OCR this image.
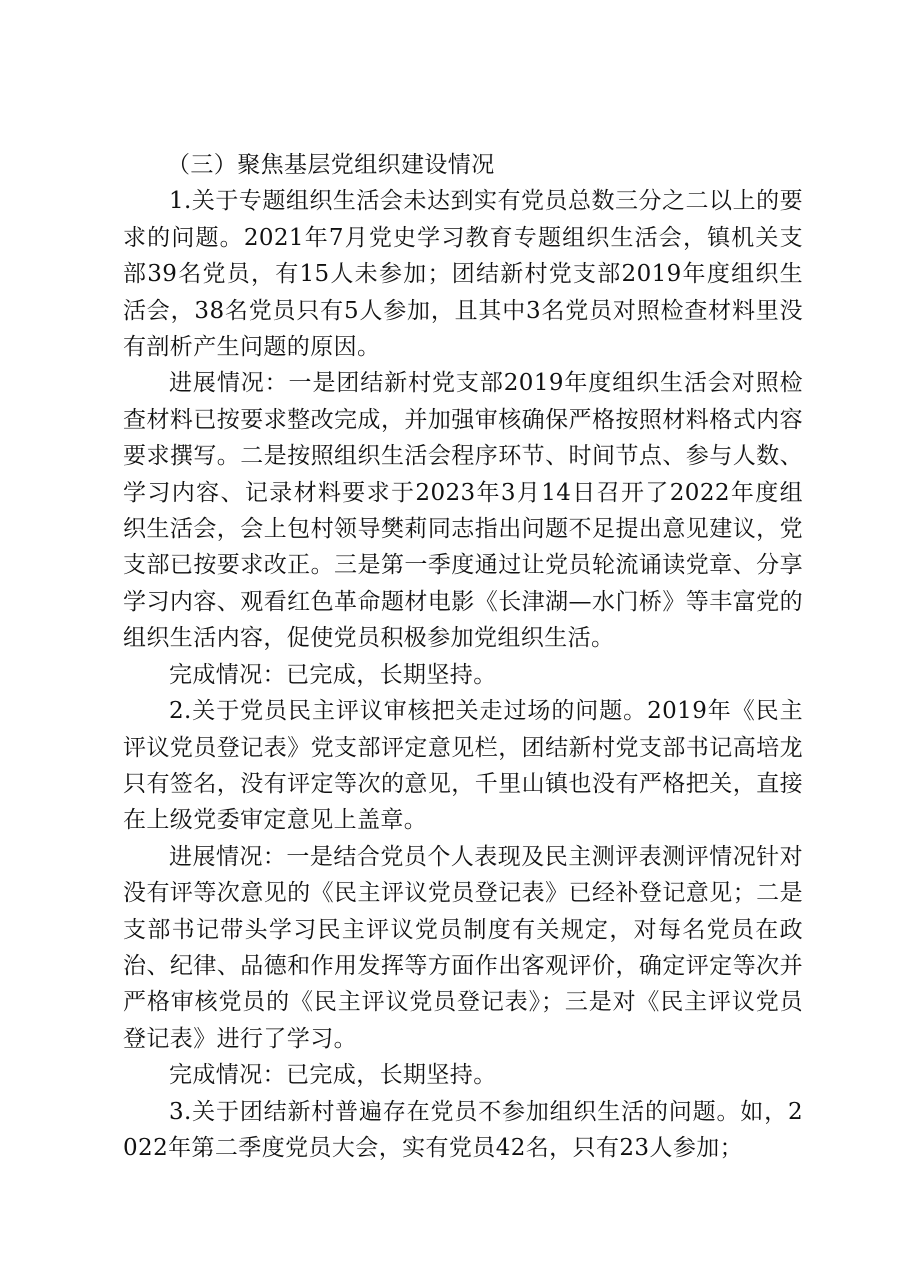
（三）聚焦基层党组织建设情况

1.关于专题组织生活会未达到实有党员总数三分之二以上的要求的问题。2021年7月党史学习教育专题组织生活会，镇机关支部39名党员，有15人未参加；团结新村党支部2019年度组织生活会，38名党员只有5人参加，且其中3名党员对照检查材料里没有剖析产生问题的原因。

进展情况：一是团结新村党支部2019年度组织生活会对照检查材料已按要求整改完成，并加强审核确保严格按照材料格式内容要求撰写。二是按照组织生活会程序环节、时间节点、参与人数、学习内容、记录材料要求于2023年3月14日召开了2022年度组织生活会，会上包村领导樊莉同志指出问题不足提出意见建议，党支部已按要求改正。三是第一季度通过让党员轮流诵读党章、分享学习内容、观看红色革命题材电影《长津湖—水门桥》等丰富党的组织生活内容，促使党员积极参加党组织生活。

完成情况：已完成，长期坚持。

2.关于党员民主评议审核把关走过场的问题。2019年《民主评议党员登记表》党支部评定意见栏，团结新村党支部书记高培龙只有签名，没有评定等次的意见，千里山镇也没有严格把关，直接在上级党委审定意见上盖章。

进展情况：一是结合党员个人表现及民主测评表测评情况针对没有评等次意见的《民主评议党员登记表》已经补登记意见；二是支部书记带头学习民主评议党员制度有关规定，对每名党员在政治、纪律、品德和作用发挥等方面作出客观评价，确定评定等次并严格审核党员的《民主评议党员登记表》；三是对《民主评议党员登记表》进行了学习。

完成情况：已完成，长期坚持。

3.关于团结新村普遍存在党员不参加组织生活的问题。如，2022年第二季度党员大会，实有党员42名，只有23人参加；
